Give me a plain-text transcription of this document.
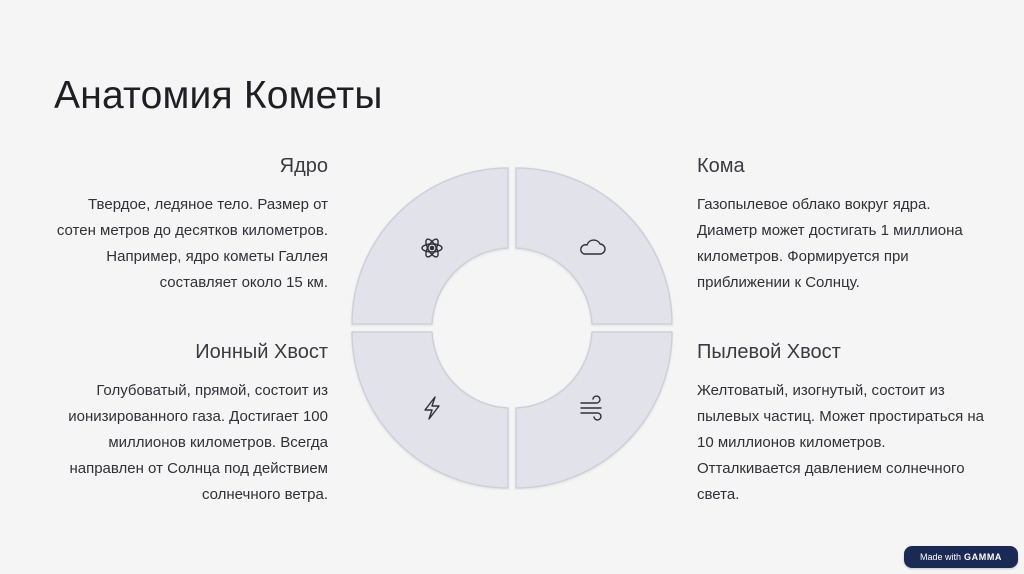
Анатомия Кометы
Ядро

Твердое, ледяное тело. Размер от сотен метров до десятков километров. Например, ядро кометы Галлея составляет около 15 км.

Ионный Хвост

Голубоватый, прямой, состоит из ионизированного газа. Достигает 100 миллионов километров. Всегда направлен от Солнца под действием солнечного ветра.

Кома

Газопылевое облако вокруг ядра. Диаметр может достигать 1 миллиона километров. Формируется при приближении к Солнцу.

Пылевой Хвост

Желтоватый, изогнутый, состоит из пылевых частиц. Может простираться на 10 миллионов километров. Отталкивается давлением солнечного света.

Made with GAMMA
